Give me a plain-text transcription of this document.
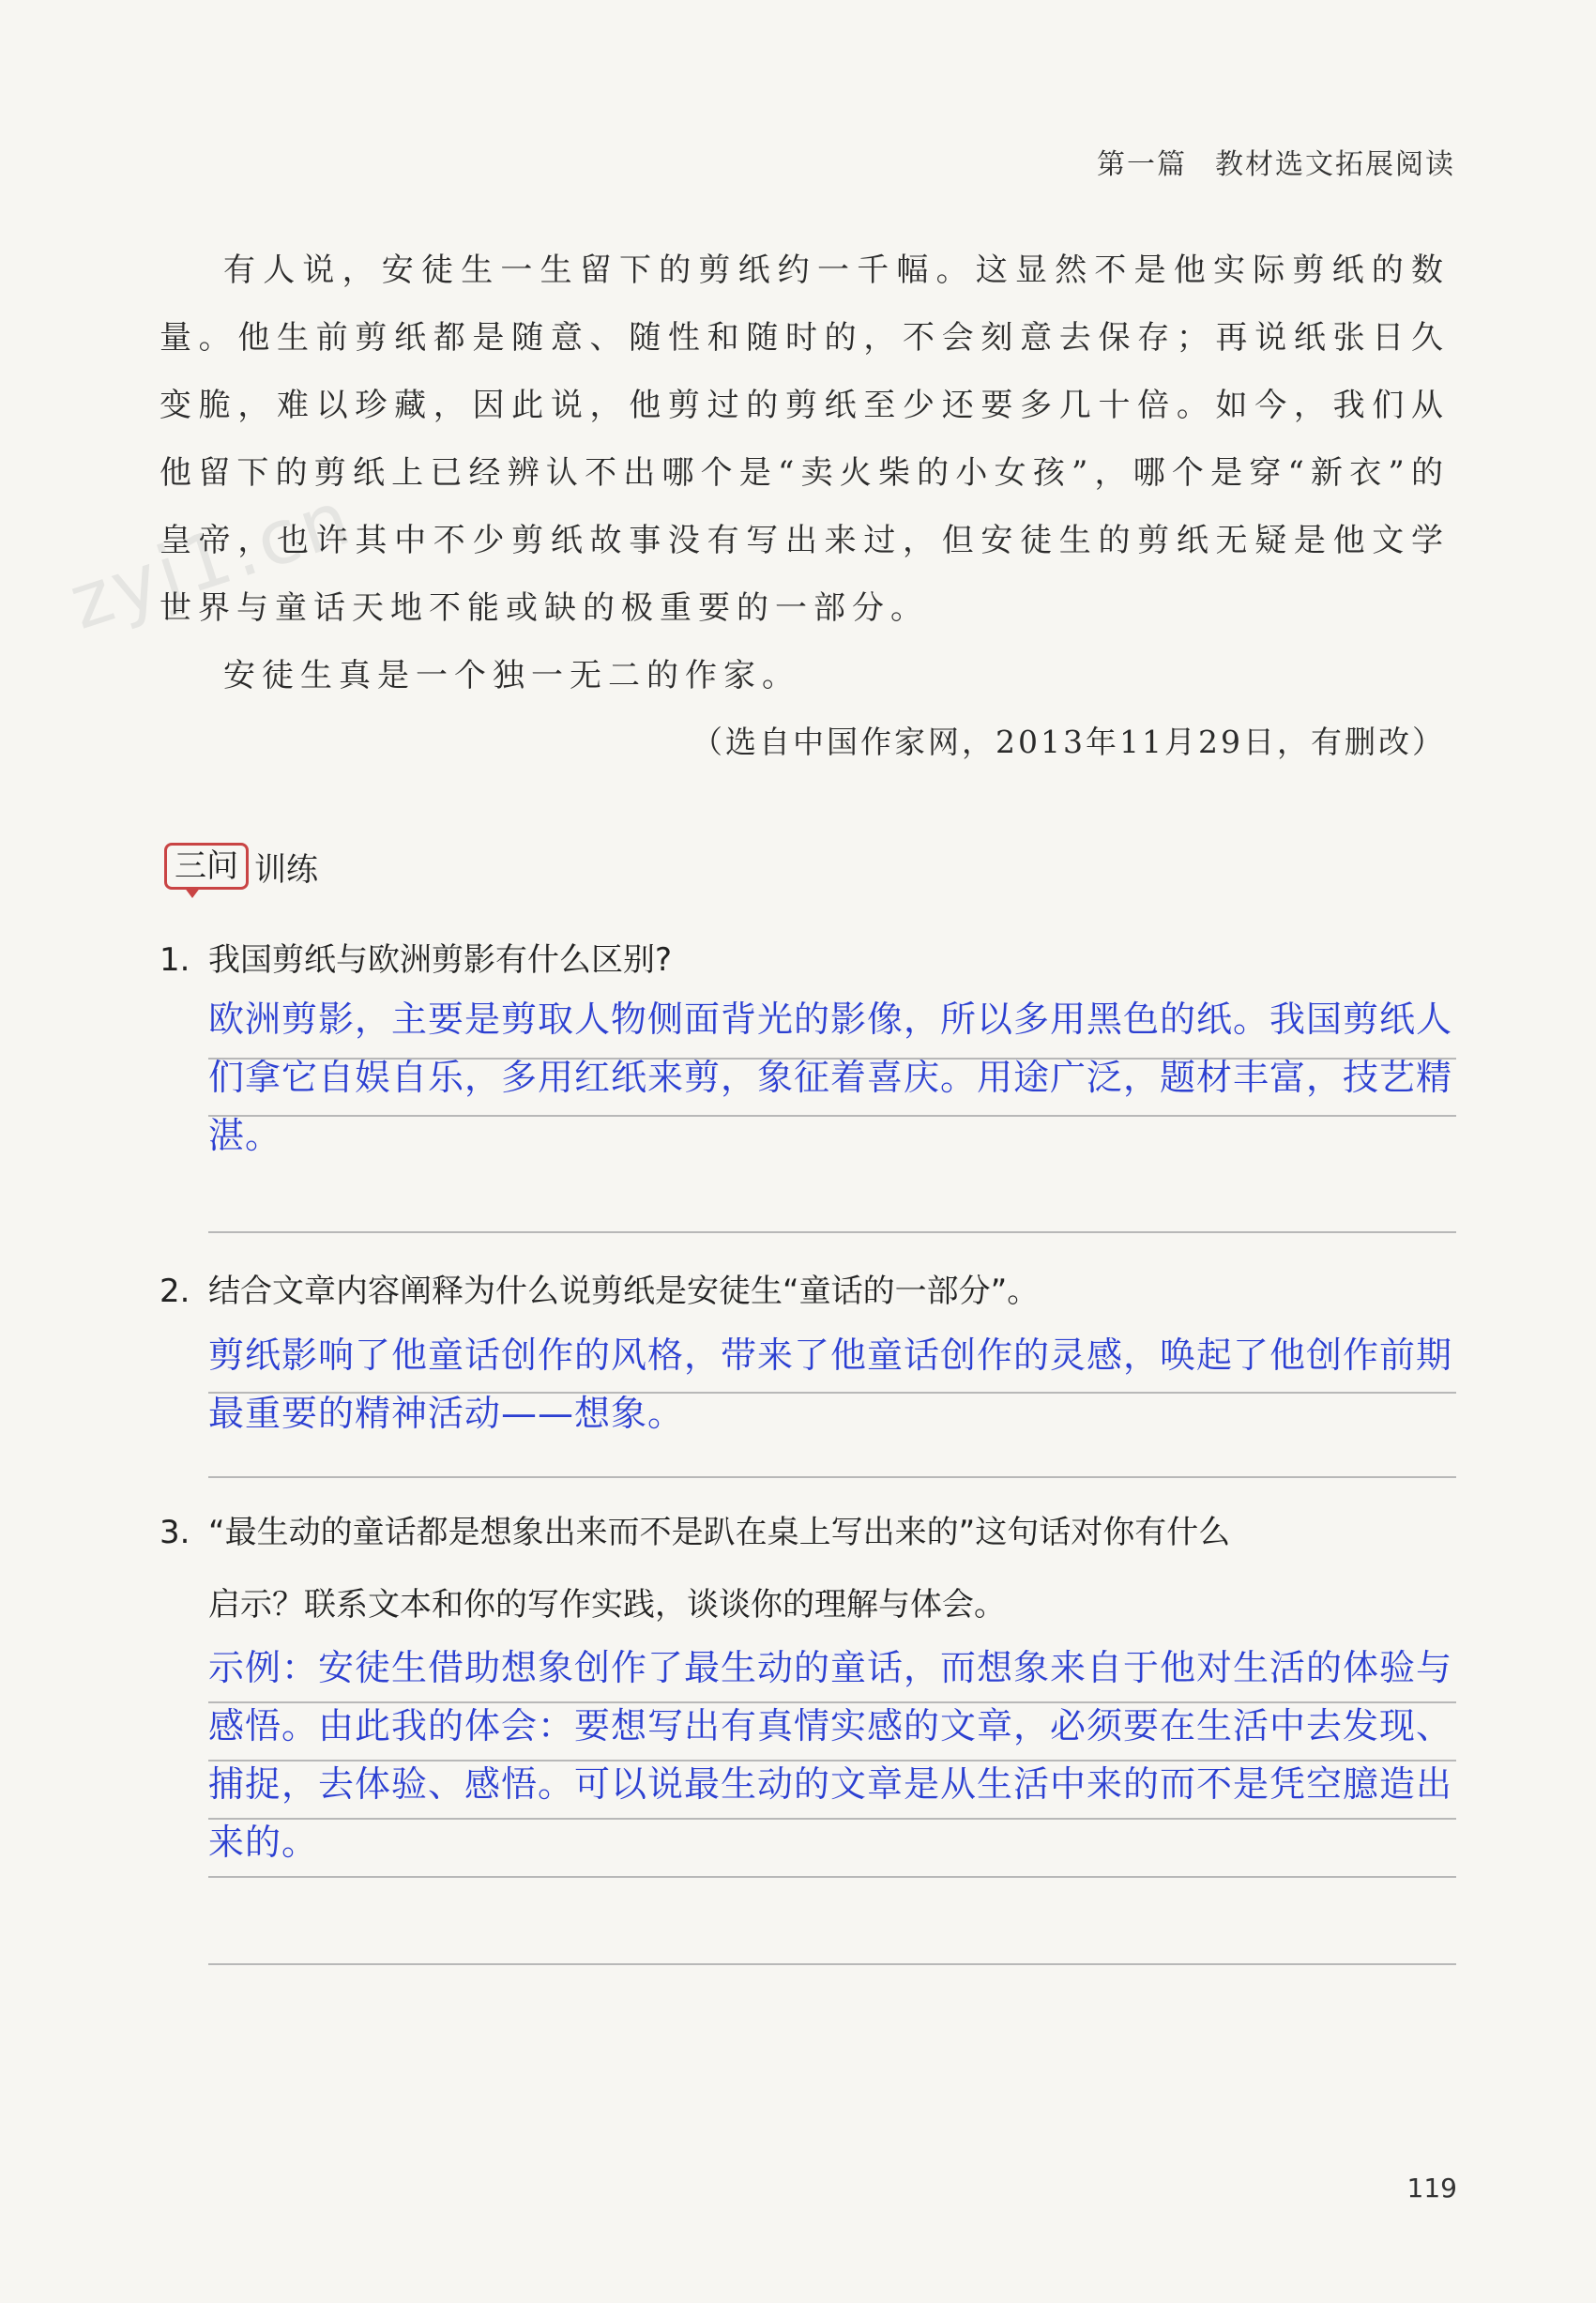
第一篇 教材选文拓展阅读
zyj1.cn

有人说，安徒生一生留下的剪纸约一千幅。这显然不是他实际剪纸的数量。他生前剪纸都是随意、随性和随时的，不会刻意去保存；再说纸张日久变脆，难以珍藏，因此说，他剪过的剪纸至少还要多几十倍。如今，我们从他留下的剪纸上已经辨认不出哪个是“卖火柴的小女孩”，哪个是穿“新衣”的皇帝，也许其中不少剪纸故事没有写出来过，但安徒生的剪纸无疑是他文学世界与童话天地不能或缺的极重要的一部分。

安徒生真是一个独一无二的作家。

（选自中国作家网，2013年11月29日，有删改）
三问 训练
1. 我国剪纸与欧洲剪影有什么区别?
欧洲剪影，主要是剪取人物侧面背光的影像，所以多用黑色的纸。我国剪纸人们拿它自娱自乐，多用红纸来剪，象征着喜庆。用途广泛，题材丰富，技艺精湛。
2. 结合文章内容阐释为什么说剪纸是安徒生“童话的一部分”。
剪纸影响了他童话创作的风格，带来了他童话创作的灵感，唤起了他创作前期最重要的精神活动——想象。
3. “最生动的童话都是想象出来而不是趴在桌上写出来的”这句话对你有什么
启示？联系文本和你的写作实践，谈谈你的理解与体会。
示例：安徒生借助想象创作了最生动的童话，而想象来自于他对生活的体验与感悟。由此我的体会：要想写出有真情实感的文章，必须要在生活中去发现、捕捉，去体验、感悟。可以说最生动的文章是从生活中来的而不是凭空臆造出来的。
119
